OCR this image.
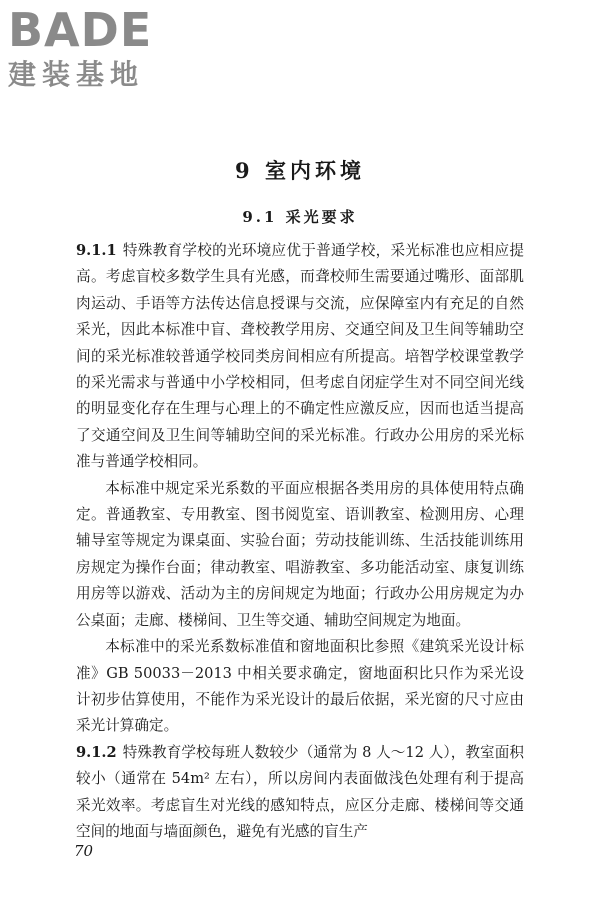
BADE
建装基地
9 室内环境
9.1 采光要求

9.1.1 特殊教育学校的光环境应优于普通学校，采光标准也应相应提高。考虑盲校多数学生具有光感，而聋校师生需要通过嘴形、面部肌肉运动、手语等方法传达信息授课与交流，应保障室内有充足的自然采光，因此本标准中盲、聋校教学用房、交通空间及卫生间等辅助空间的采光标准较普通学校同类房间相应有所提高。培智学校课堂教学的采光需求与普通中小学校相同，但考虑自闭症学生对不同空间光线的明显变化存在生理与心理上的不确定性应激反应，因而也适当提高了交通空间及卫生间等辅助空间的采光标准。行政办公用房的采光标准与普通学校相同。

本标准中规定采光系数的平面应根据各类用房的具体使用特点确定。普通教室、专用教室、图书阅览室、语训教室、检测用房、心理辅导室等规定为课桌面、实验台面；劳动技能训练、生活技能训练用房规定为操作台面；律动教室、唱游教室、多功能活动室、康复训练用房等以游戏、活动为主的房间规定为地面；行政办公用房规定为办公桌面；走廊、楼梯间、卫生等交通、辅助空间规定为地面。

本标准中的采光系数标准值和窗地面积比参照《建筑采光设计标准》GB 50033－2013 中相关要求确定，窗地面积比只作为采光设计初步估算使用，不能作为采光设计的最后依据，采光窗的尺寸应由采光计算确定。

9.1.2 特殊教育学校每班人数较少（通常为 8 人～12 人），教室面积较小（通常在 54m² 左右），所以房间内表面做浅色处理有利于提高采光效率。考虑盲生对光线的感知特点，应区分走廊、楼梯间等交通空间的地面与墙面颜色，避免有光感的盲生产

70
